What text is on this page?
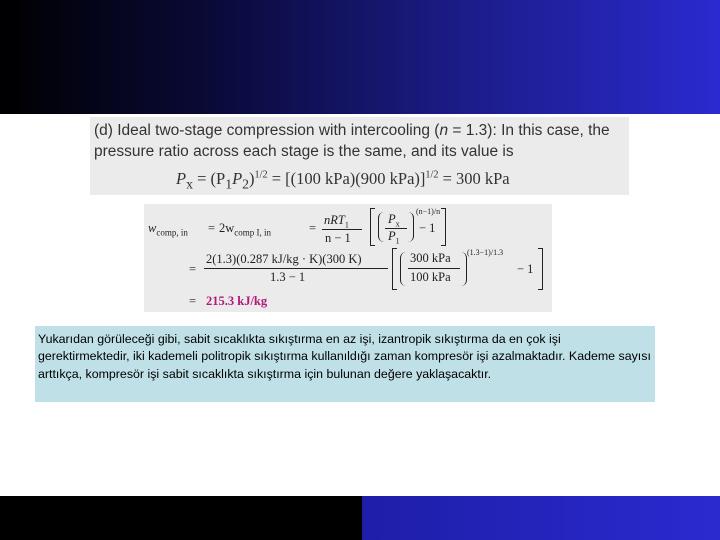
(d) Ideal two-stage compression with intercooling (n = 1.3): In this case, the
pressure ratio across each stage is the same, and its value is
$P_x = (P_1P_2)^{1/2} = [(100$ kPa)(900 kPa)]$^{1/2}$ = 300 kPa
$w_{comp, in} = 2w_{comp I, in}$	=
nRT$_1$
n − 1
$P_x$
$P_1$
(n−1)/n
− 1
=
2(1.3)(0.287 kJ/kg · K)(300 K)
1.3 − 1
300 kPa
100 kPa
(1.3−1)/1.3
− 1
= 215.3 kJ/kg
Yukarıdan görüleceği gibi, sabit sıcaklıkta sıkıştırma en az işi, izantropik sıkıştırma da en çok işi gerektirmektedir, iki kademeli politropik sıkıştırma kullanıldığı zaman kompresör işi azalmaktadır. Kademe sayısı arttıkça, kompresör işi sabit sıcaklıkta sıkıştırma için bulunan değere yaklaşacaktır.
